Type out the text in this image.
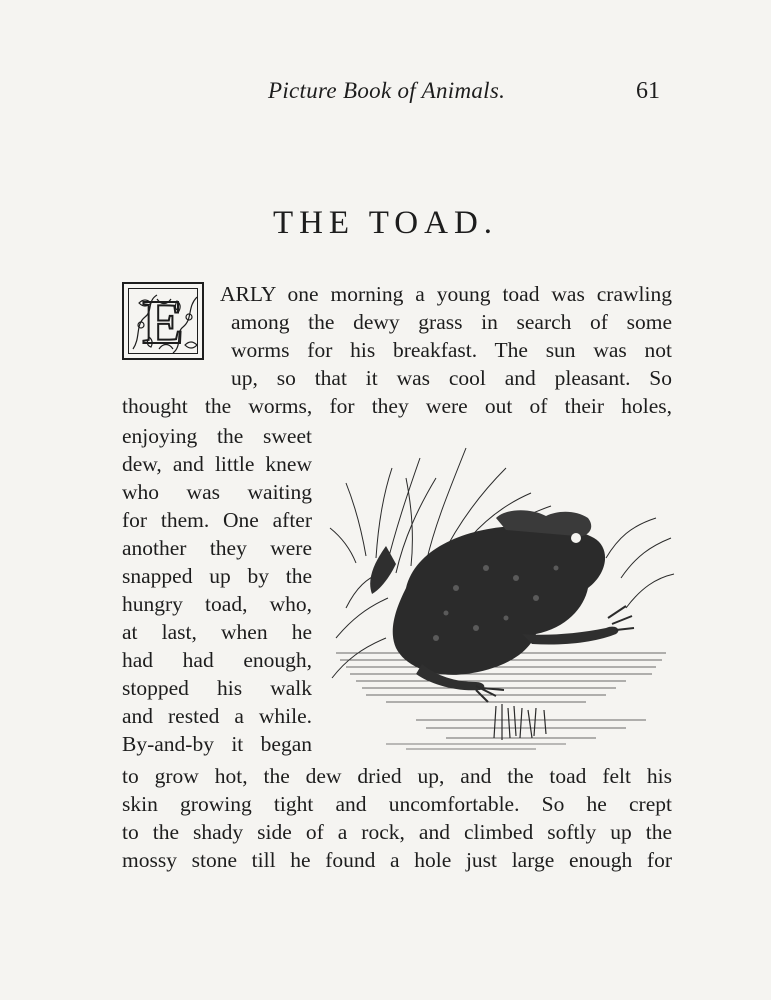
Picture Book of Animals.	61
THE TOAD.
E	ARLY one morning a young toad was crawling
among the dewy grass in search of some
worms for his breakfast. The sun was not
up, so that it was cool and pleasant. So
thought the worms, for they were out of their holes,
enjoying the sweet
dew, and little knew
who was waiting
for them. One after
another they were
snapped up by the
hungry toad, who,
at last, when he
had had enough,
stopped his walk
and rested a while.
By-and-by it began
to grow hot, the dew dried up, and the toad felt his
skin growing tight and uncomfortable. So he crept
to the shady side of a rock, and climbed softly up the
mossy stone till he found a hole just large enough for
